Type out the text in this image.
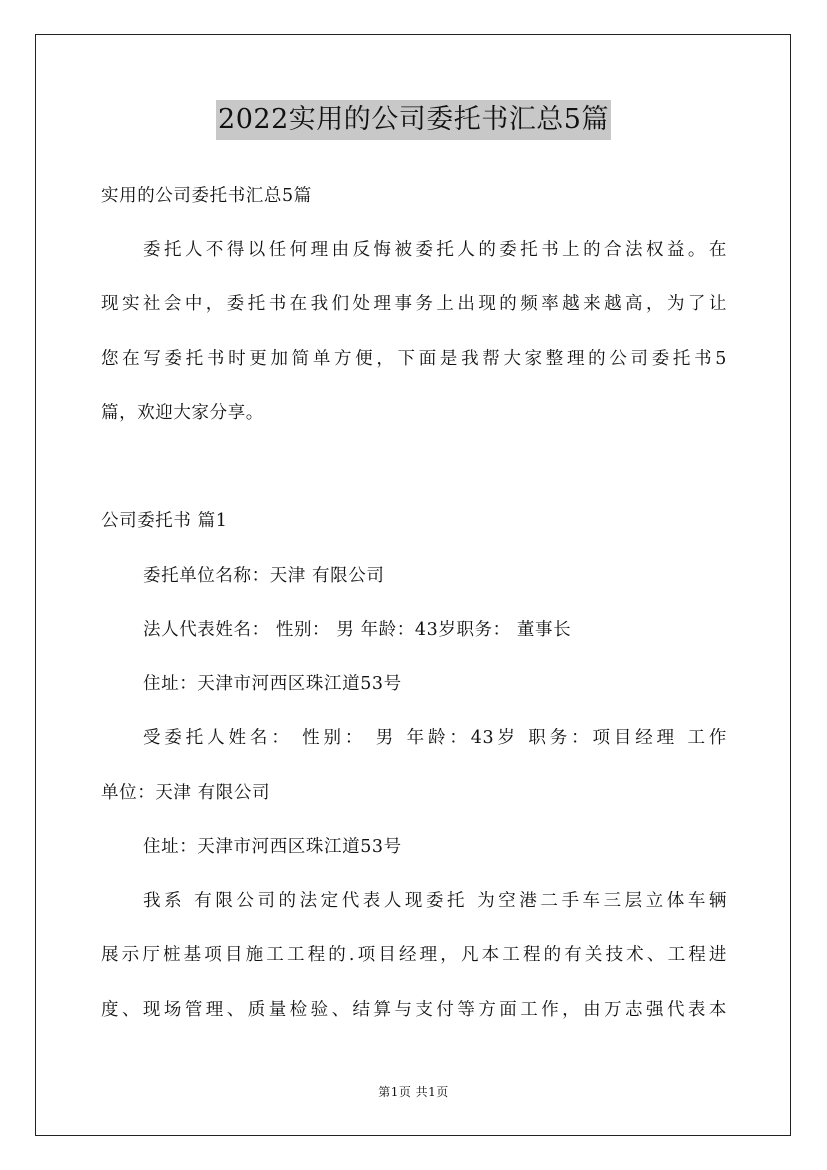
2022实用的公司委托书汇总5篇
实用的公司委托书汇总5篇
委托人不得以任何理由反悔被委托人的委托书上的合法权益。在
现实社会中，委托书在我们处理事务上出现的频率越来越高，为了让
您在写委托书时更加简单方便，下面是我帮大家整理的公司委托书5
篇，欢迎大家分享。
公司委托书 篇1
委托单位名称：天津 有限公司
法人代表姓名： 性别： 男 年龄：43岁职务： 董事长
住址：天津市河西区珠江道53号
受委托人姓名： 性别： 男 年龄：43岁 职务：项目经理 工作
单位：天津 有限公司
住址：天津市河西区珠江道53号
我系 有限公司的法定代表人现委托 为空港二手车三层立体车辆
展示厅桩基项目施工工程的.项目经理，凡本工程的有关技术、工程进
度、现场管理、质量检验、结算与支付等方面工作，由万志强代表本
第1页 共1页
